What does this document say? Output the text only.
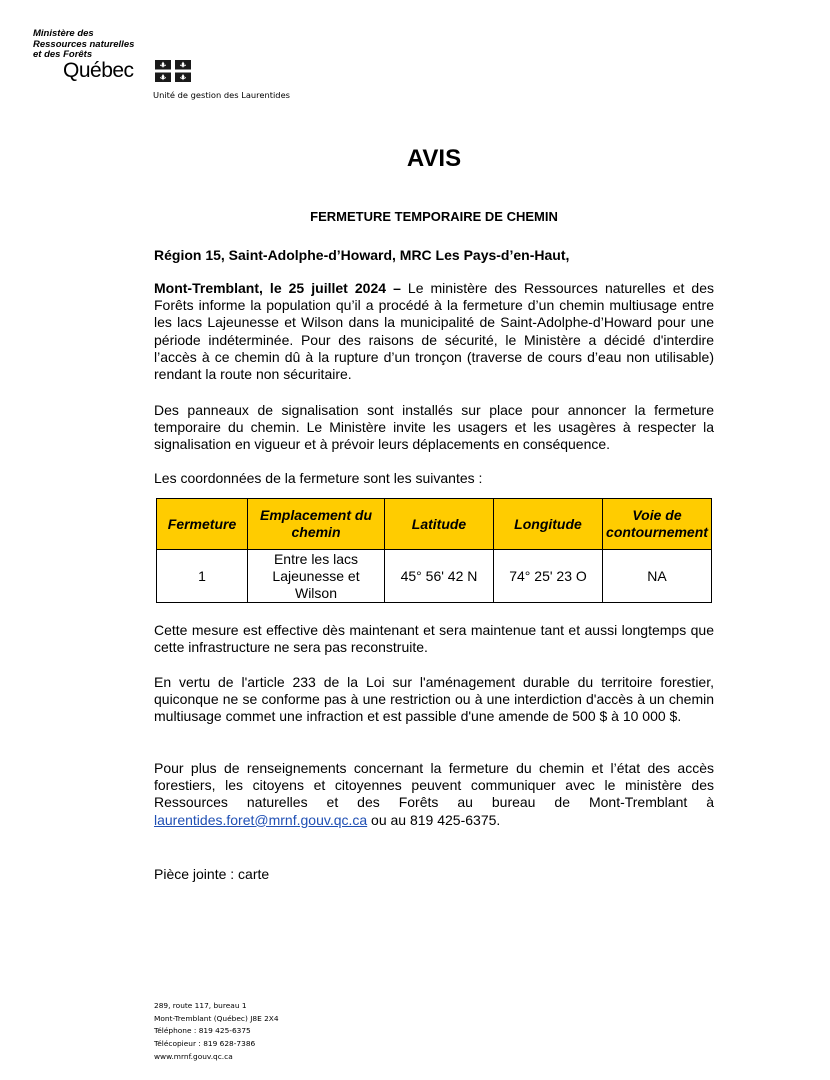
Ministère des
Ressources naturelles
et des Forêts
Québec
Unité de gestion des Laurentides
AVIS
FERMETURE TEMPORAIRE DE CHEMIN
Région 15, Saint-Adolphe-d’Howard, MRC Les Pays-d’en-Haut,
Mont-Tremblant, le 25 juillet 2024 – Le ministère des Ressources naturelles et des Forêts informe la population qu’il a procédé à la fermeture d’un chemin multiusage entre les lacs Lajeunesse et Wilson dans la municipalité de Saint-Adolphe-d’Howard pour une période indéterminée. Pour des raisons de sécurité, le Ministère a décidé d'interdire l’accès à ce chemin dû à la rupture d’un tronçon (traverse de cours d’eau non utilisable) rendant la route non sécuritaire.
Des panneaux de signalisation sont installés sur place pour annoncer la fermeture temporaire du chemin. Le Ministère invite les usagers et les usagères à respecter la signalisation en vigueur et à prévoir leurs déplacements en conséquence.
Les coordonnées de la fermeture sont les suivantes :
Fermeture	Emplacement du chemin	Latitude	Longitude	Voie de contournement
1	Entre les lacs Lajeunesse et Wilson	45° 56' 42 N	74° 25' 23 O	NA
Cette mesure est effective dès maintenant et sera maintenue tant et aussi longtemps que cette infrastructure ne sera pas reconstruite.
En vertu de l'article 233 de la Loi sur l'aménagement durable du territoire forestier, quiconque ne se conforme pas à une restriction ou à une interdiction d'accès à un chemin multiusage commet une infraction et est passible d'une amende de 500 $ à 10 000 $.
Pour plus de renseignements concernant la fermeture du chemin et l’état des accès forestiers, les citoyens et citoyennes peuvent communiquer avec le ministère des Ressources naturelles et des Forêts au bureau de Mont-Tremblant à laurentides.foret@mrnf.gouv.qc.ca ou au 819 425-6375.
Pièce jointe : carte
289, route 117, bureau 1
Mont-Tremblant (Québec) J8E 2X4
Téléphone : 819 425-6375
Télécopieur : 819 628-7386
www.mrnf.gouv.qc.ca
